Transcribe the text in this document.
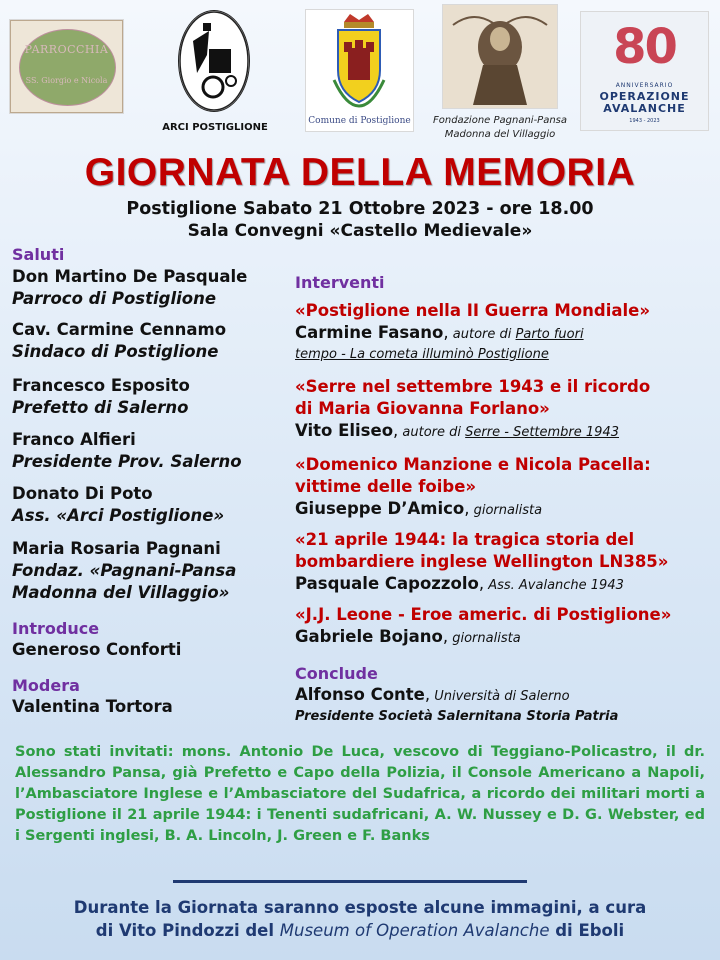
PARROCCHIA
SS. Giorgio e Nicola
ARCI POSTIGLIONE
Comune di Postiglione	Fondazione Pagnani-Pansa
Madonna del Villaggio
80
ANNIVERSARIO
OPERAZIONE
AVALANCHE
1943 - 2023
GIORNATA DELLA MEMORIA
Postiglione Sabato 21 Ottobre 2023 - ore 18.00
Sala Convegni «Castello Medievale»
Saluti
Don Martino De Pasquale
Parroco di Postiglione
Cav. Carmine Cennamo
Sindaco di Postiglione
Francesco Esposito
Prefetto di Salerno
Franco Alfieri
Presidente Prov. Salerno
Donato Di Poto
Ass. «Arci Postiglione»
Maria Rosaria Pagnani
Fondaz. «Pagnani-Pansa
Madonna del Villaggio»
Introduce
Generoso Conforti
Modera
Valentina Tortora
Interventi
«Postiglione nella II Guerra Mondiale»
Carmine Fasano, autore di Parto fuori
tempo - La cometa illuminò Postiglione
«Serre nel settembre 1943 e il ricordo
di Maria Giovanna Forlano»
Vito Eliseo, autore di Serre - Settembre 1943
«Domenico Manzione e Nicola Pacella:
vittime delle foibe»
Giuseppe D’Amico, giornalista
«21 aprile 1944: la tragica storia del
bombardiere inglese Wellington LN385»
Pasquale Capozzolo, Ass. Avalanche 1943
«J.J. Leone - Eroe americ. di Postiglione»
Gabriele Bojano, giornalista
Conclude
Alfonso Conte, Università di Salerno
Presidente Società Salernitana Storia Patria
Sono stati invitati: mons. Antonio De Luca, vescovo di Teggiano-Policastro, il dr. Alessandro Pansa, già Prefetto e Capo della Polizia, il Console Americano a Napoli, l’Ambasciatore Inglese e l’Ambasciatore del Sudafrica, a ricordo dei militari morti a Postiglione il 21 aprile 1944: i Tenenti sudafricani, A. W. Nussey e D. G. Webster, ed i Sergenti inglesi, B. A. Lincoln, J. Green e F. Banks
Durante la Giornata saranno esposte alcune immagini, a cura
di Vito Pindozzi del Museum of Operation Avalanche di Eboli
